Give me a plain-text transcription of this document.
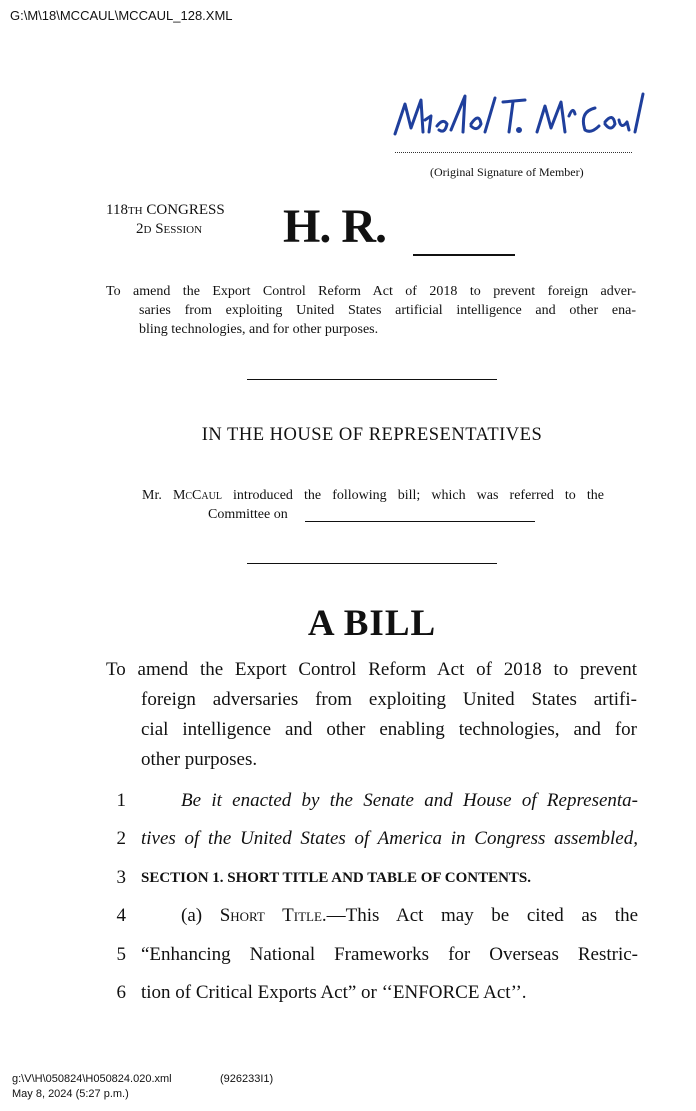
G:\M\18\MCCAUL\MCCAUL_128.XML
(Original Signature of Member)
118TH CONGRESS
2D Session H. R.
To amend the Export Control Reform Act of 2018 to prevent foreign adver-
saries from exploiting United States artificial intelligence and other ena-
bling technologies, and for other purposes.
IN THE HOUSE OF REPRESENTATIVES
Mr. McCaul introduced the following bill; which was referred to the
Committee on
A BILL
To amend the Export Control Reform Act of 2018 to prevent
foreign adversaries from exploiting United States artifi-
cial intelligence and other enabling technologies, and for
other purposes.
1	Be it enacted by the Senate and House of Representa-
2 tives of the United States of America in Congress assembled,
3 SECTION 1. SHORT TITLE AND TABLE OF CONTENTS.
4	(a) Short Title.—This Act may be cited as the
5 “Enhancing National Frameworks for Overseas Restric-
6 tion of Critical Exports Act” or ‘‘ENFORCE Act’’.
g:\V\H\050824\H050824.020.xml	(926233I1)
May 8, 2024 (5:27 p.m.)
